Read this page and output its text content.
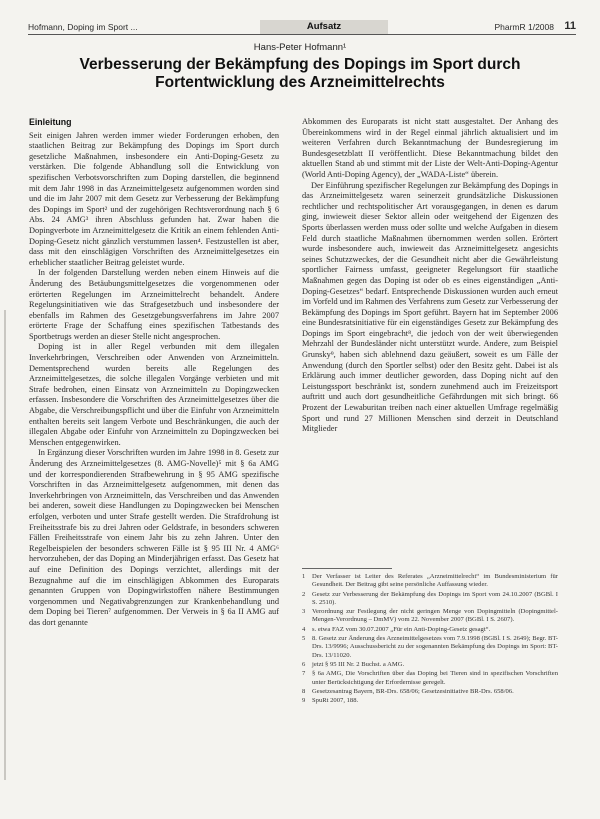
Hofmann, Doping im Sport ...	Aufsatz	PharmR 1/2008 11
Hans-Peter Hofmann¹
Verbesserung der Bekämpfung des Dopings im Sport durch Fortentwicklung des Arzneimittelrechts
Einleitung

Seit einigen Jahren werden immer wieder Forderungen erhoben, den staatlichen Beitrag zur Bekämpfung des Dopings im Sport durch gesetzliche Maßnahmen, insbesondere ein Anti-Doping-Gesetz zu verstärken. Die folgende Abhandlung soll die Entwicklung von spezifischen Verbotsvorschriften zum Doping darstellen, die beginnend mit dem Jahr 1998 in das Arzneimittelgesetz aufgenommen worden sind und die im Jahr 2007 mit dem Gesetz zur Verbesserung der Bekämpfung des Dopings im Sport² und der zugehörigen Rechtsverordnung nach § 6 Abs. 24 AMG³ ihren Abschluss gefunden hat. Zwar haben die Dopingverbote im Arzneimittelgesetz die Kritik an einem fehlenden Anti-Doping-Gesetz nicht gänzlich verstummen lassen⁴. Festzustellen ist aber, dass mit den einschlägigen Vorschriften des Arzneimittelgesetzes ein erheblicher staatlicher Beitrag geleistet wurde.

In der folgenden Darstellung werden neben einem Hinweis auf die Änderung des Betäubungsmittelgesetzes die vorgenommenen oder erörterten Regelungen im Arzneimittelrecht behandelt. Andere Regelungsinitiativen wie das Strafgesetzbuch und insbesondere der ebenfalls im Rahmen des Gesetzgebungsverfahrens im Jahre 2007 erörterte Frage der Schaffung eines spezifischen Tatbestands des Sportbetrugs werden an dieser Stelle nicht angesprochen.

Doping ist in aller Regel verbunden mit dem illegalen Inverkehrbringen, Verschreiben oder Anwenden von Arzneimitteln. Dementsprechend wurden bereits alle Regelungen des Arzneimittelgesetzes, die solche illegalen Vorgänge verbieten und mit Strafe bedrohen, einen Einsatz von Arzneimitteln zu Dopingzwecken erfassen. Insbesondere die Vorschriften des Arzneimittelgesetzes über die Abgabe, die Verschreibungspflicht und über die Einfuhr von Arzneimitteln enthalten bereits seit langem Verbote und Beschränkungen, die auch der illegalen Abgabe oder Einfuhr von Arzneimitteln zu Dopingzwecken bei Menschen entgegenwirken.

In Ergänzung dieser Vorschriften wurden im Jahre 1998 in 8. Gesetz zur Änderung des Arzneimittelgesetzes (8. AMG-Novelle)⁵ mit § 6a AMG und der korrespondierenden Strafbewehrung in § 95 AMG spezifische Vorschriften in das Arzneimittelgesetz aufgenommen, mit denen das Inverkehrbringen von Arzneimitteln, das Verschreiben und das Anwenden bei anderen, soweit diese Handlungen zu Dopingzwecken bei Menschen erfolgen, verboten und unter Strafe gestellt werden. Die Strafdrohung ist Freiheitsstrafe bis zu drei Jahren oder Geldstrafe, in besonders schweren Fällen Freiheitsstrafe von einem Jahr bis zu zehn Jahren. Unter den Regelbeispielen der besonders schweren Fälle ist § 95 III Nr. 4 AMG⁶ hervorzuheben, der das Doping an Minderjährigen erfasst. Das Gesetz hat auf eine Definition des Dopings verzichtet, allerdings mit der Bezugnahme auf die im einschlägigen Abkommen des Europarats genannten Gruppen von Dopingwirkstoffen nähere Bestimmungen vorgenommen und Negativabgrenzungen zur Krankenbehandlung und dem Doping bei Tieren⁷ aufgenommen. Der Verweis in § 6a II AMG auf das dort genannte

Abkommen des Europarats ist nicht statt ausgestaltet. Der Anhang des Übereinkommens wird in der Regel einmal jährlich aktualisiert und im weiteren Verfahren durch Bekanntmachung der Bundesregierung im Bundesgesetzblatt II veröffentlicht. Diese Bekanntmachung bildet den aktuellen Stand ab und stimmt mit der Liste der Welt-Anti-Doping-Agentur (World Anti-Doping Agency), der „WADA-Liste“ überein.

Der Einführung spezifischer Regelungen zur Bekämpfung des Dopings in das Arzneimittelgesetz waren seinerzeit grundsätzliche Diskussionen rechtlicher und rechtspolitischer Art vorausgegangen, in denen es darum ging, inwieweit dieser Sektor allein oder weitgehend der Eigenzen des Sports überlassen werden muss oder sollte und welche Aufgaben in diesem Feld durch staatliche Maßnahmen übernommen werden sollen. Erörtert wurde insbesondere auch, inwieweit das Arzneimittelgesetz angesichts seines Schutzzweckes, der die Gesundheit nicht aber die Gewährleistung sportlicher Fairness umfasst, geeigneter Regelungsort für staatliche Maßnahmen gegen das Doping ist oder ob es eines eigenständigen „Anti-Doping-Gesetzes“ bedarf. Entsprechende Diskussionen wurden auch erneut im Vorfeld und im Rahmen des Verfahrens zum Gesetz zur Verbesserung der Bekämpfung des Dopings im Sport geführt. Bayern hat im September 2006 eine Bundesratsinitiative für ein eigenständiges Gesetz zur Bekämpfung des Dopings im Sport eingebracht⁸, die jedoch von der weit überwiegenden Mehrzahl der Bundesländer nicht unterstützt wurde. Andere, zum Beispiel Grunsky⁹, haben sich ablehnend dazu geäußert, soweit es um Fälle der Anwendung (durch den Sportler selbst) oder den Besitz geht. Dabei ist als Erklärung auch immer deutlicher geworden, dass Doping nicht auf den Leistungssport beschränkt ist, sondern zunehmend auch im Freizeitsport auftritt und auch dort gesundheitliche Gefährdungen mit sich bringt. 66 Prozent der Lewaburitan treiben nach einer aktuellen Umfrage regelmäßig Sport und rund 27 Millionen Menschen sind derzeit in Deutschland Mitglieder

1	Der Verfasser ist Leiter des Referates „Arzneimittelrecht“ im Bundesministerium für Gesundheit. Der Beitrag gibt seine persönliche Auffassung wieder.
2	Gesetz zur Verbesserung der Bekämpfung des Dopings im Sport vom 24.10.2007 (BGBl. I S. 2510).
3	Verordnung zur Festlegung der nicht geringen Menge von Dopingmitteln (Dopingmittel-Mengen-Verordnung – DmMV) vom 22. November 2007 (BGBl. I S. 2607).
4	s. etwa FAZ vom 30.07.2007 „Für ein Anti-Doping-Gesetz gesagt“.
5	8. Gesetz zur Änderung des Arzneimittelgesetzes vom 7.9.1998 (BGBl. I S. 2649); Begr. BT-Drs. 13/9996; Ausschussbericht zu der sogenannten Bekämpfung des Dopings im Sport: BT-Drs. 13/11020.
6	jetzt § 95 III Nr. 2 Buchst. a AMG.
7	§ 6a AMG, Die Vorschriften über das Doping bei Tieren sind in spezifischen Vorschriften unter Berücksichtigung der Erfordernisse geregelt.
8	Gesetzesantrag Bayern, BR-Drs. 658/06; Gesetzesinitiative BR-Drs. 658/06.
9	SpuRt 2007, 188.
